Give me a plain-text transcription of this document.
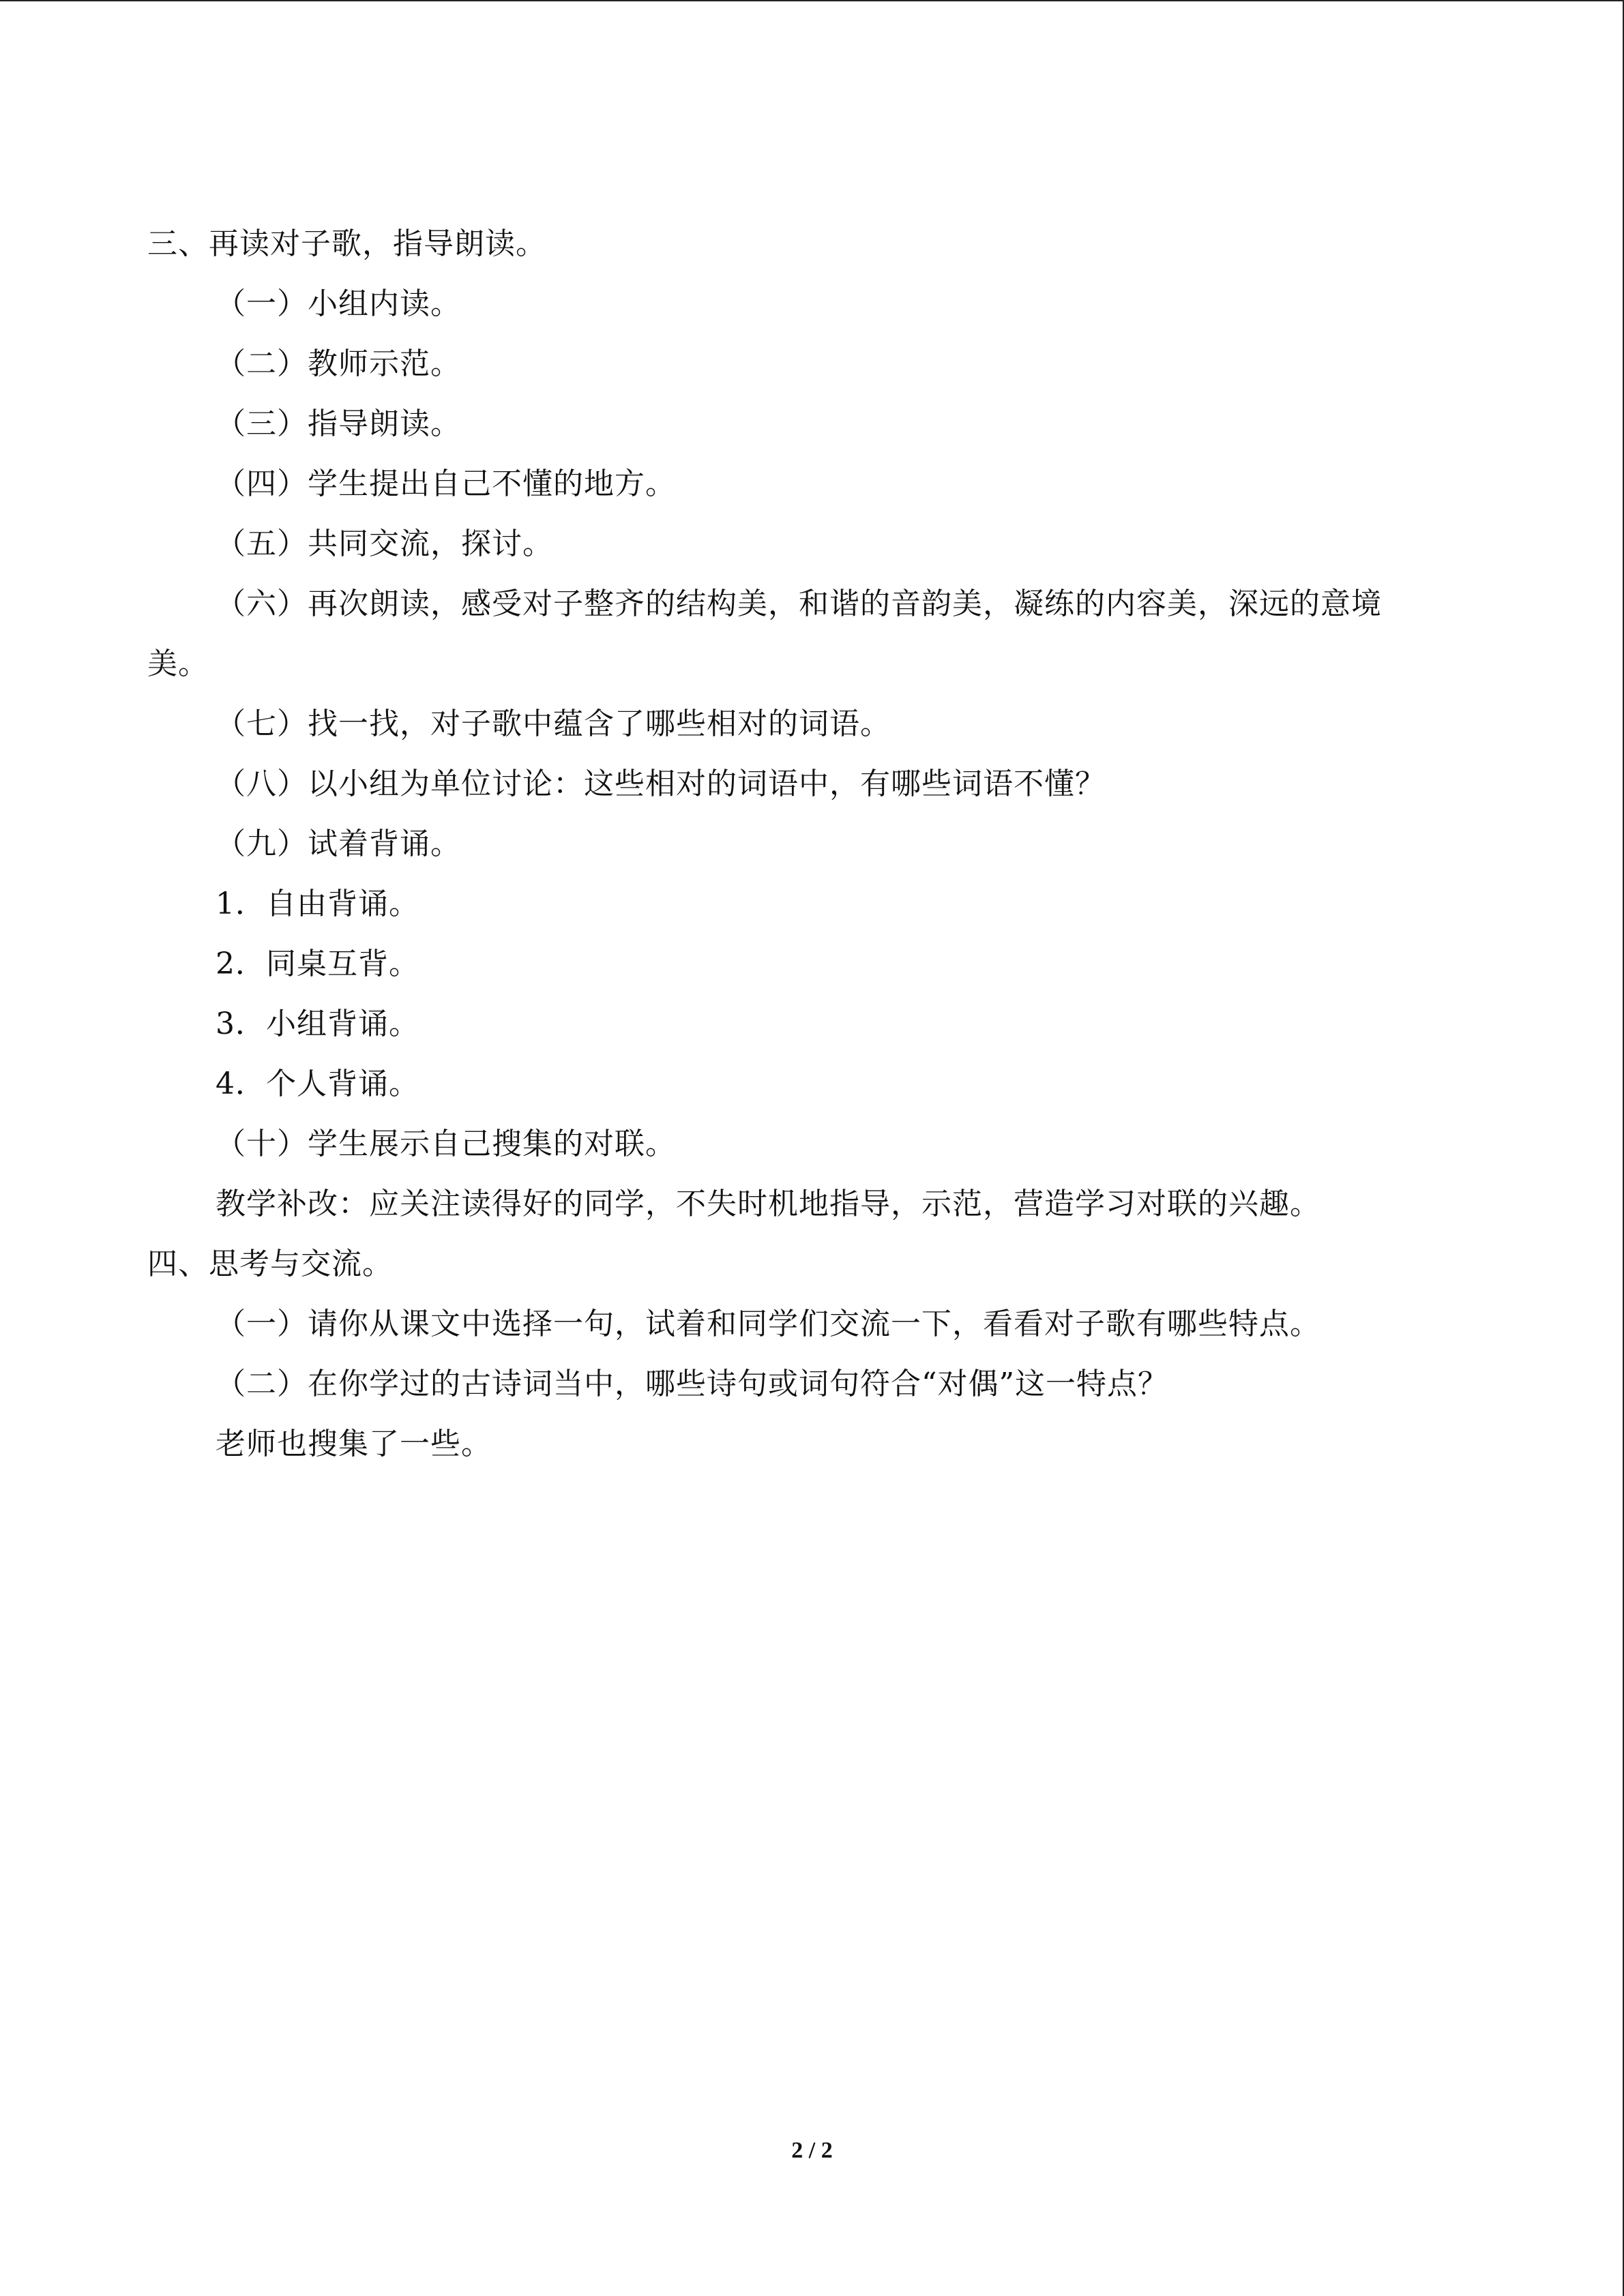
三、再读对子歌，指导朗读。
（一）小组内读。
（二）教师示范。
（三）指导朗读。
（四）学生提出自己不懂的地方。
（五）共同交流，探讨。
（六）再次朗读，感受对子整齐的结构美，和谐的音韵美，凝练的内容美，深远的意境
美。
（七）找一找，对子歌中蕴含了哪些相对的词语。
（八）以小组为单位讨论：这些相对的词语中，有哪些词语不懂？
（九）试着背诵。
1．自由背诵。
2．同桌互背。
3．小组背诵。
4．个人背诵。
（十）学生展示自己搜集的对联。
教学补改：应关注读得好的同学，不失时机地指导，示范，营造学习对联的兴趣。
四、思考与交流。
（一）请你从课文中选择一句，试着和同学们交流一下，看看对子歌有哪些特点。
（二）在你学过的古诗词当中，哪些诗句或词句符合“对偶”这一特点？
老师也搜集了一些。
2 / 2
